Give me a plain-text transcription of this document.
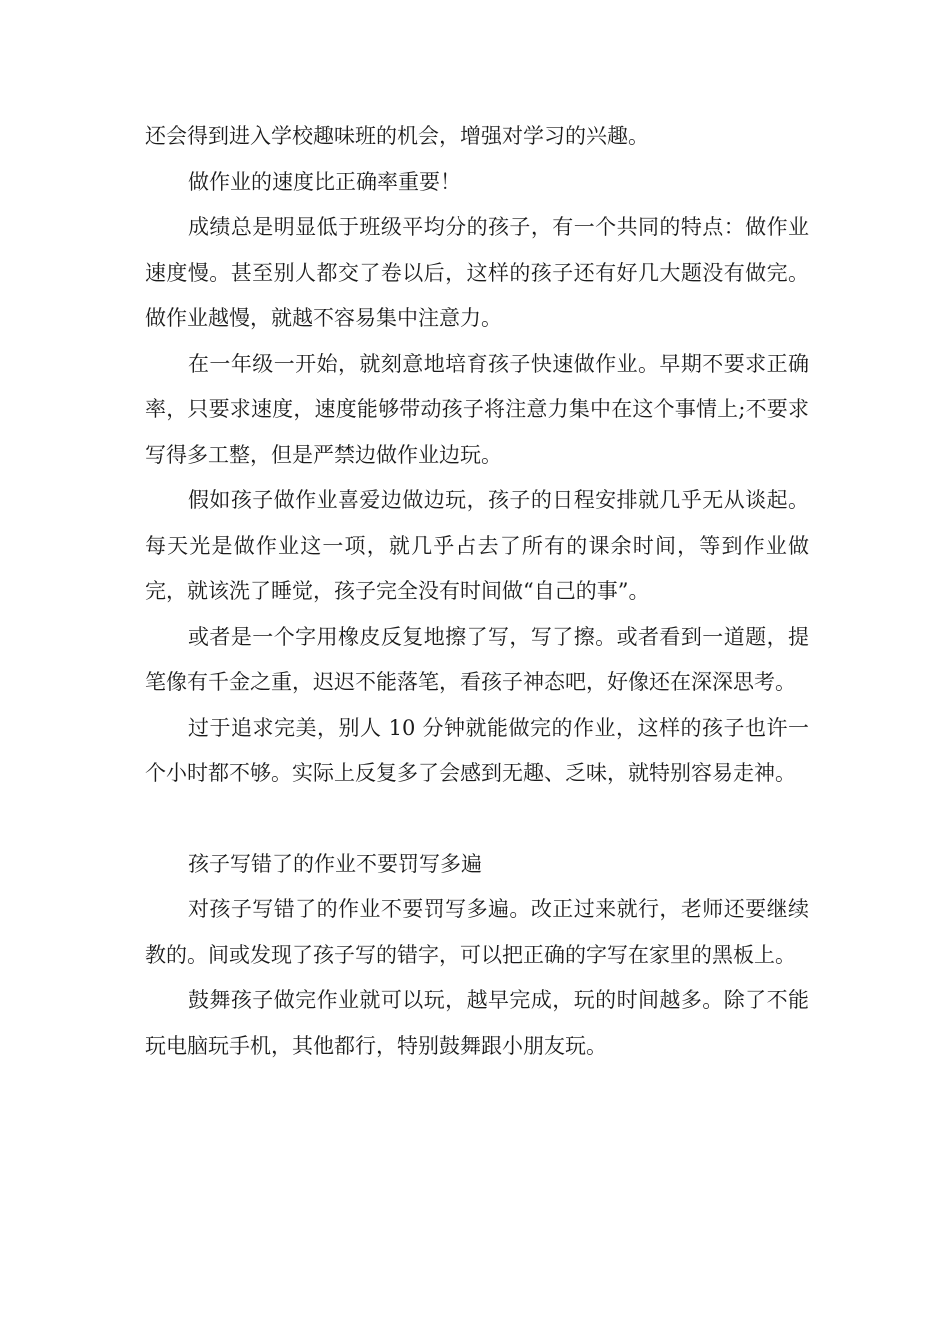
还会得到进入学校趣味班的机会，增强对学习的兴趣。

做作业的速度比正确率重要！

成绩总是明显低于班级平均分的孩子，有一个共同的特点：做作业速度慢。甚至别人都交了卷以后，这样的孩子还有好几大题没有做完。做作业越慢，就越不容易集中注意力。

在一年级一开始，就刻意地培育孩子快速做作业。早期不要求正确率，只要求速度，速度能够带动孩子将注意力集中在这个事情上;不要求写得多工整，但是严禁边做作业边玩。

假如孩子做作业喜爱边做边玩，孩子的日程安排就几乎无从谈起。每天光是做作业这一项，就几乎占去了所有的课余时间，等到作业做完，就该洗了睡觉，孩子完全没有时间做“自己的事”。

或者是一个字用橡皮反复地擦了写，写了擦。或者看到一道题，提笔像有千金之重，迟迟不能落笔，看孩子神态吧，好像还在深深思考。

过于追求完美，别人 10 分钟就能做完的作业，这样的孩子也许一个小时都不够。实际上反复多了会感到无趣、乏味，就特别容易走神。

孩子写错了的作业不要罚写多遍

对孩子写错了的作业不要罚写多遍。改正过来就行，老师还要继续教的。间或发现了孩子写的错字，可以把正确的字写在家里的黑板上。

鼓舞孩子做完作业就可以玩，越早完成，玩的时间越多。除了不能玩电脑玩手机，其他都行，特别鼓舞跟小朋友玩。
